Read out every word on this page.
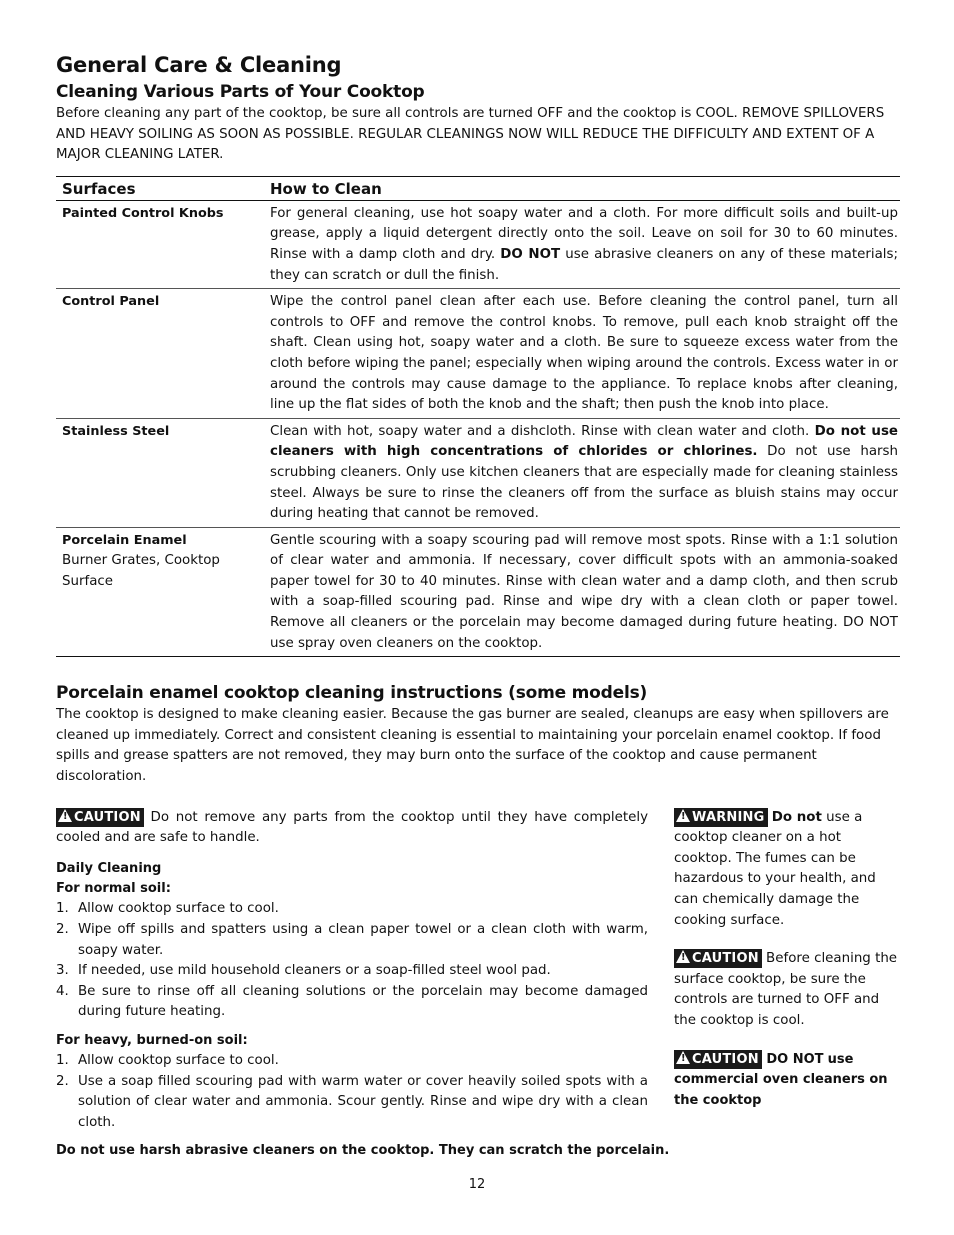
General Care & Cleaning
Cleaning Various Parts of Your Cooktop

Before cleaning any part of the cooktop, be sure all controls are turned OFF and the cooktop is COOL. REMOVE SPILLOVERS AND HEAVY SOILING AS SOON AS POSSIBLE. REGULAR CLEANINGS NOW WILL REDUCE THE DIFFICULTY AND EXTENT OF A MAJOR CLEANING LATER.

Surfaces	How to Clean
Painted Control Knobs	For general cleaning, use hot soapy water and a cloth. For more difficult soils and built-up grease, apply a liquid detergent directly onto the soil. Leave on soil for 30 to 60 minutes. Rinse with a damp cloth and dry. DO NOT use abrasive cleaners on any of these materials; they can scratch or dull the finish.
Control Panel	Wipe the control panel clean after each use. Before cleaning the control panel, turn all controls to OFF and remove the control knobs. To remove, pull each knob straight off the shaft. Clean using hot, soapy water and a cloth. Be sure to squeeze excess water from the cloth before wiping the panel; especially when wiping around the controls. Excess water in or around the controls may cause damage to the appliance. To replace knobs after cleaning, line up the flat sides of both the knob and the shaft; then push the knob into place.
Stainless Steel	Clean with hot, soapy water and a dishcloth. Rinse with clean water and cloth. Do not use cleaners with high concentrations of chlorides or chlorines. Do not use harsh scrubbing cleaners. Only use kitchen cleaners that are especially made for cleaning stainless steel. Always be sure to rinse the cleaners off from the surface as bluish stains may occur during heating that cannot be removed.
Porcelain Enamel
Burner Grates, Cooktop Surface	Gentle scouring with a soapy scouring pad will remove most spots. Rinse with a 1:1 solution of clear water and ammonia. If necessary, cover difficult spots with an ammonia-soaked paper towel for 30 to 40 minutes. Rinse with clean water and a damp cloth, and then scrub with a soap-filled scouring pad. Rinse and wipe dry with a clean cloth or paper towel. Remove all cleaners or the porcelain may become damaged during future heating. DO NOT use spray oven cleaners on the cooktop.
Porcelain enamel cooktop cleaning instructions (some models)

The cooktop is designed to make cleaning easier. Because the gas burner are sealed, cleanups are easy when spillovers are cleaned up immediately. Correct and consistent cleaning is essential to maintaining your porcelain enamel cooktop. If food spills and grease spatters are not removed, they may burn onto the surface of the cooktop and cause permanent discoloration.

!CAUTION Do not remove any parts from the cooktop until they have completely cooled and are safe to handle.

Daily Cleaning

For normal soil:

1. Allow cooktop surface to cool.
2. Wipe off spills and spatters using a clean paper towel or a clean cloth with warm, soapy water.
3. If needed, use mild household cleaners or a soap-filled steel wool pad.
4. Be sure to rinse off all cleaning solutions or the porcelain may become damaged during future heating.

For heavy, burned-on soil:

1. Allow cooktop surface to cool.
2. Use a soap filled scouring pad with warm water or cover heavily soiled spots with a solution of clear water and ammonia. Scour gently. Rinse and wipe dry with a clean cloth.

!WARNING Do not use a cooktop cleaner on a hot cooktop. The fumes can be hazardous to your health, and can chemically damage the cooking surface.

!CAUTION Before cleaning the surface cooktop, be sure the controls are turned to OFF and the cooktop is cool.

!CAUTION DO NOT use commercial oven cleaners on the cooktop

Do not use harsh abrasive cleaners on the cooktop. They can scratch the porcelain.

12
